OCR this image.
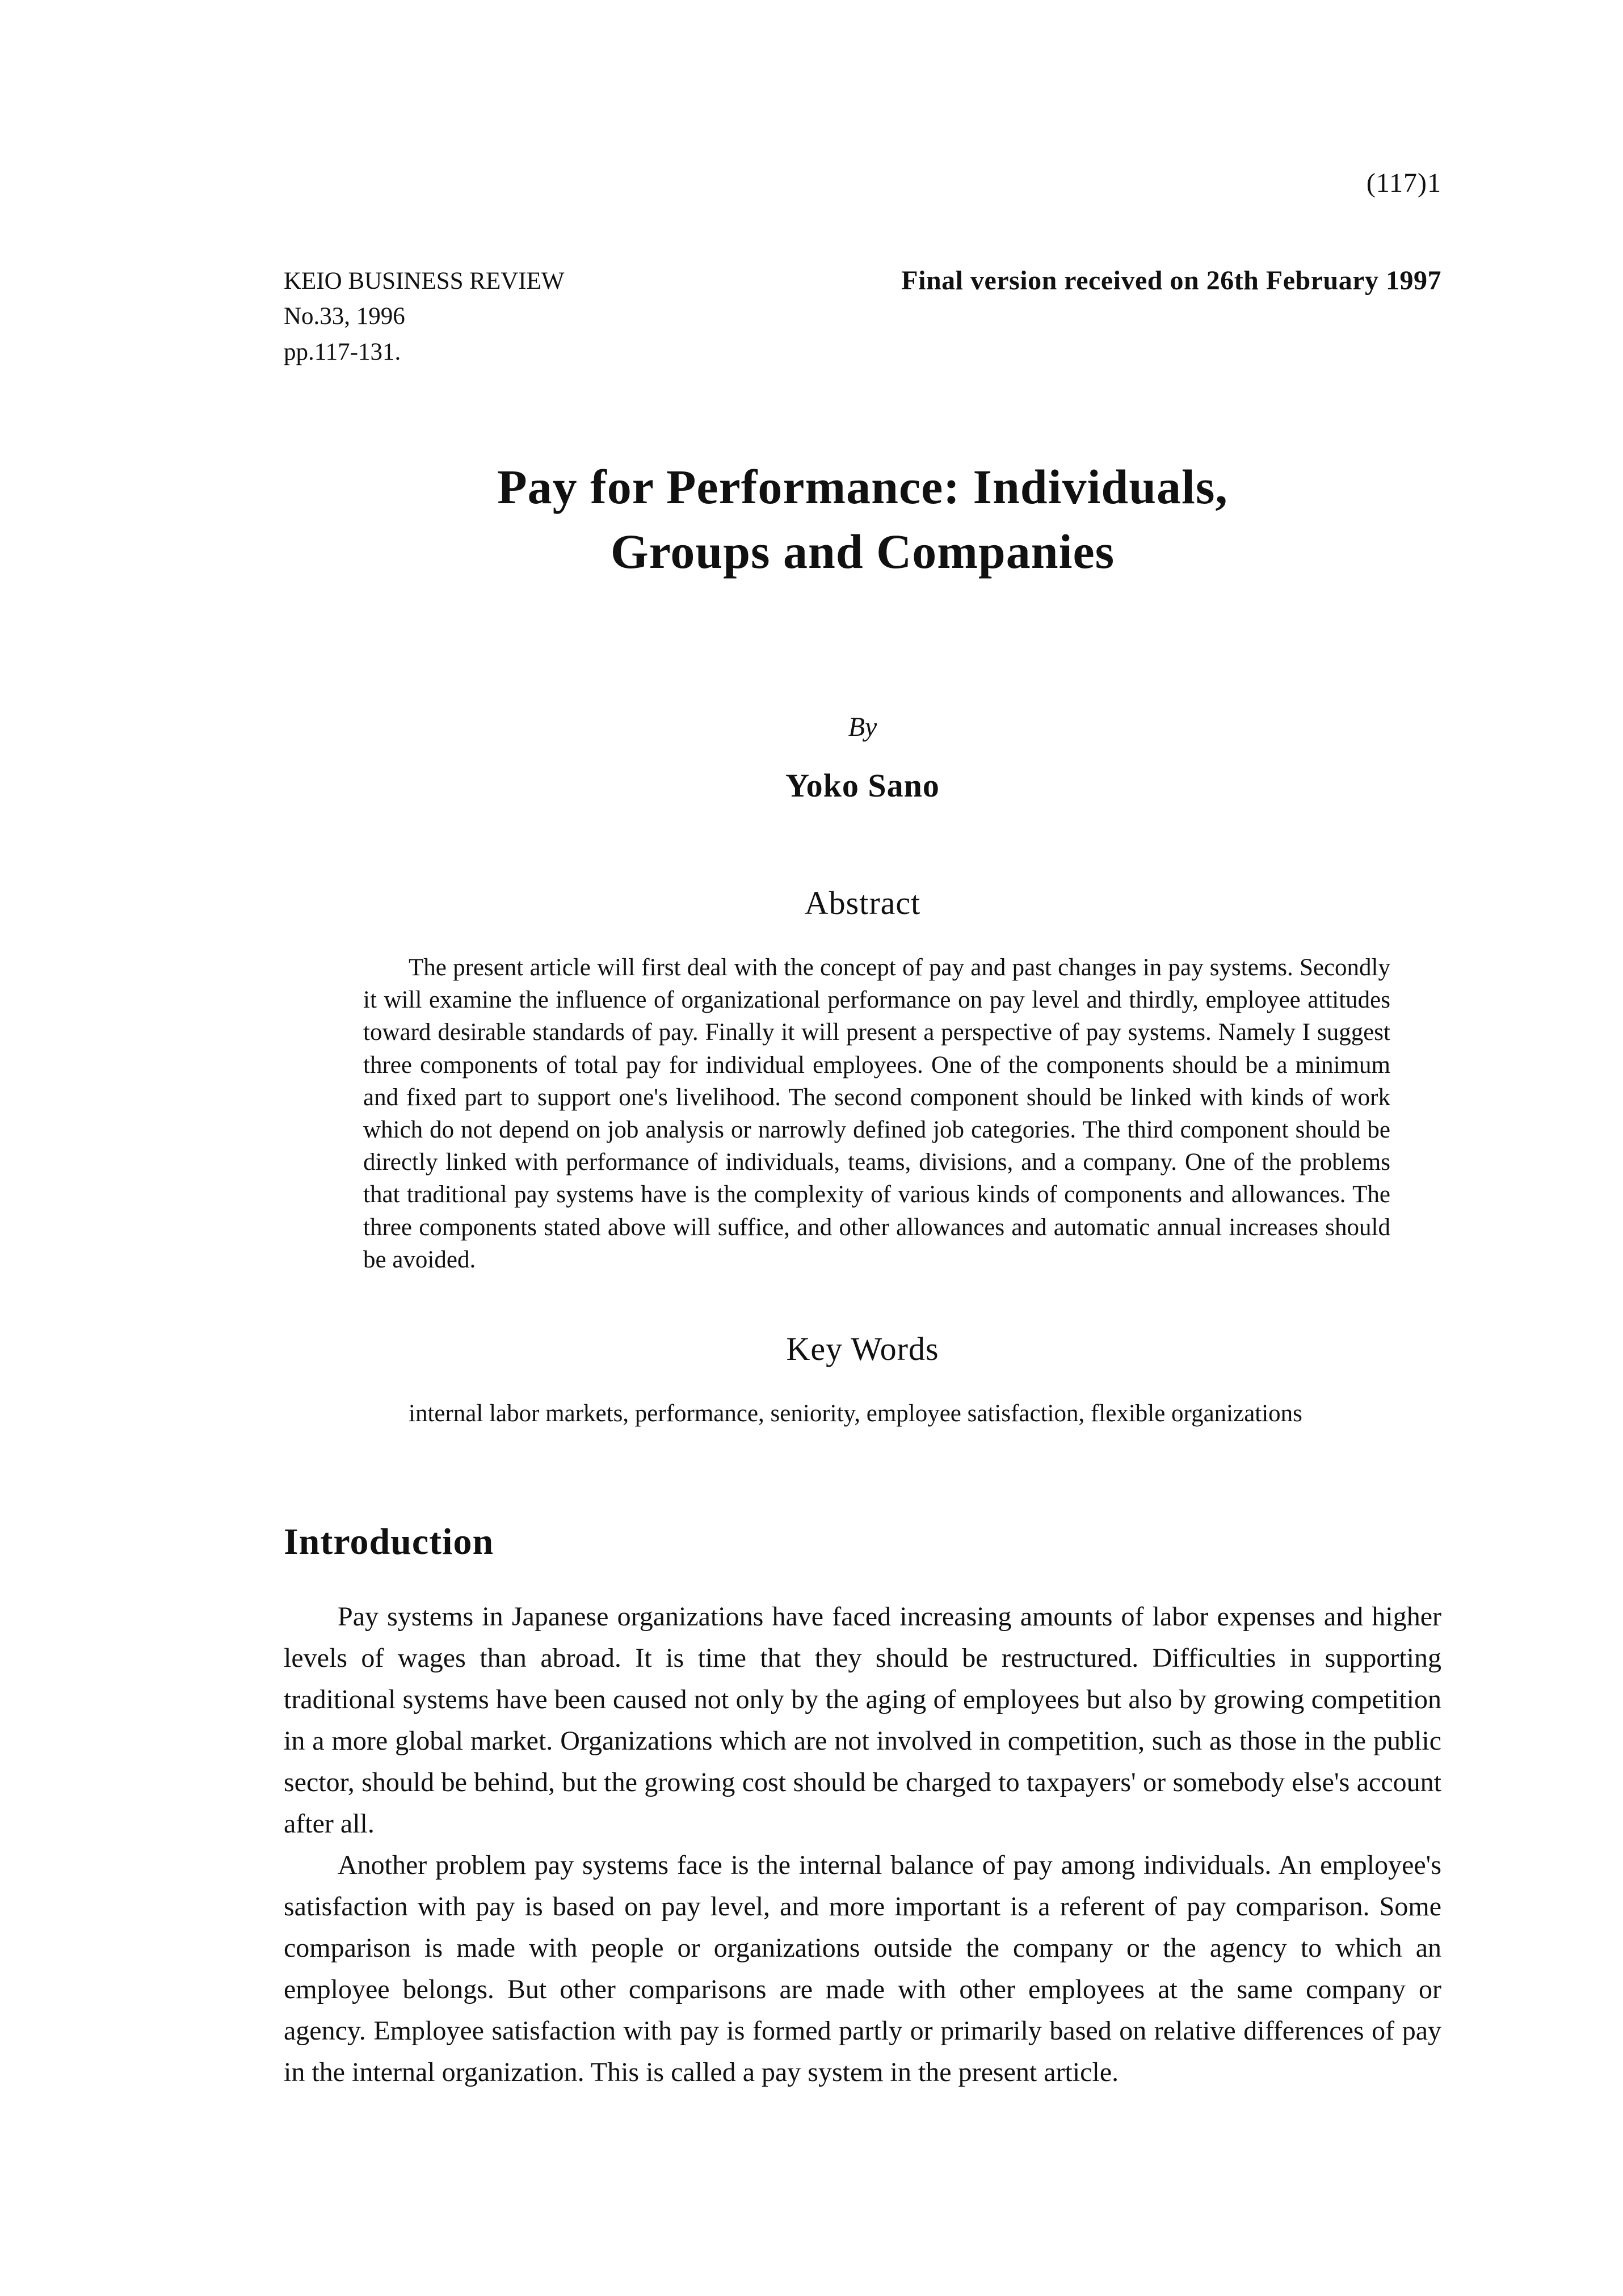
(117)1
KEIO BUSINESS REVIEW
No.33, 1996
pp.117-131.
Final version received on 26th February 1997
Pay for Performance: Individuals,
Groups and Companies
By
Yoko Sano
Abstract

The present article will first deal with the concept of pay and past changes in pay systems. Secondly it will examine the influence of organizational performance on pay level and thirdly, employee attitudes toward desirable standards of pay. Finally it will present a perspective of pay systems. Namely I suggest three components of total pay for individual employees. One of the components should be a minimum and fixed part to support one's livelihood. The second component should be linked with kinds of work which do not depend on job analysis or narrowly defined job categories. The third component should be directly linked with performance of individuals, teams, divisions, and a company. One of the problems that traditional pay systems have is the complexity of various kinds of components and allowances. The three components stated above will suffice, and other allowances and automatic annual increases should be avoided.

Key Words

internal labor markets, performance, seniority, employee satisfaction, flexible organizations

Introduction

Pay systems in Japanese organizations have faced increasing amounts of labor expenses and higher levels of wages than abroad. It is time that they should be restructured. Difficulties in supporting traditional systems have been caused not only by the aging of employees but also by growing competition in a more global market. Organizations which are not involved in competition, such as those in the public sector, should be behind, but the growing cost should be charged to taxpayers' or somebody else's account after all.

Another problem pay systems face is the internal balance of pay among individuals. An employee's satisfaction with pay is based on pay level, and more important is a referent of pay comparison. Some comparison is made with people or organizations outside the company or the agency to which an employee belongs. But other comparisons are made with other employees at the same company or agency. Employee satisfaction with pay is formed partly or primarily based on relative differences of pay in the internal organization. This is called a pay system in the present article.
